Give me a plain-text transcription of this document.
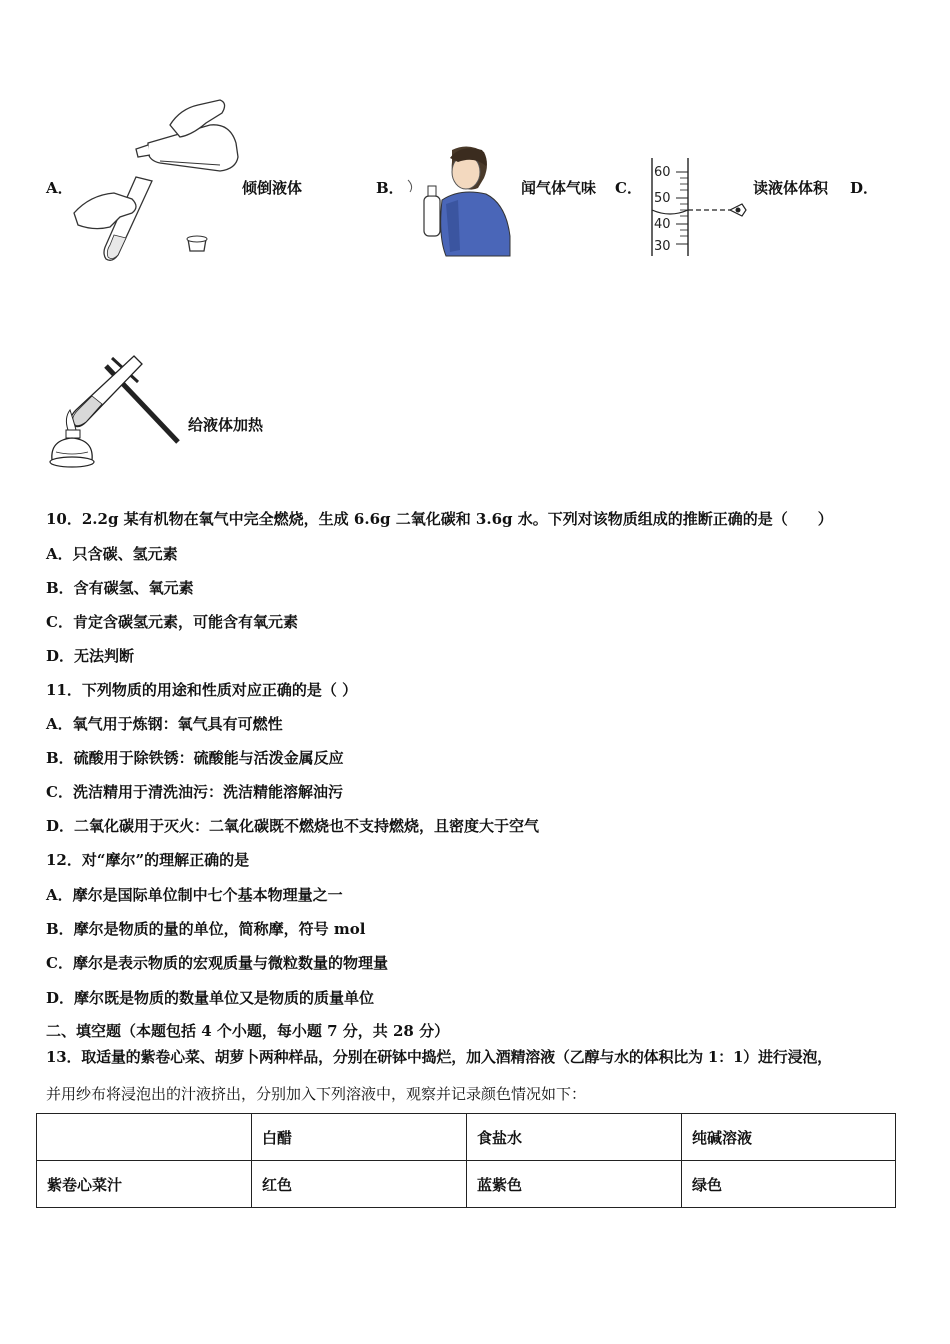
A．	倾倒液体	B．	闻气体气味 C．
60
50
40
30
读液体体积 D．
给液体加热
10．2.2g 某有机物在氧气中完全燃烧，生成 6.6g 二氧化碳和 3.6g 水。下列对该物质组成的推断正确的是（　　）
A．只含碳、氢元素
B．含有碳氢、氧元素
C．肯定含碳氢元素，可能含有氧元素
D．无法判断
11．下列物质的用途和性质对应正确的是（ ）
A．氧气用于炼钢：氧气具有可燃性
B．硫酸用于除铁锈：硫酸能与活泼金属反应
C．洗洁精用于清洗油污：洗洁精能溶解油污
D．二氧化碳用于灭火：二氧化碳既不燃烧也不支持燃烧，且密度大于空气
12．对“摩尔”的理解正确的是
A．摩尔是国际单位制中七个基本物理量之一
B．摩尔是物质的量的单位，简称摩，符号 mol
C．摩尔是表示物质的宏观质量与微粒数量的物理量
D．摩尔既是物质的数量单位又是物质的质量单位
二、填空题（本题包括 4 个小题，每小题 7 分，共 28 分）
13．取适量的紫卷心菜、胡萝卜两种样品，分别在研钵中捣烂，加入酒精溶液（乙醇与水的体积比为 1：1）进行浸泡，
并用纱布将浸泡出的汁液挤出，分别加入下列溶液中，观察并记录颜色情况如下：
	白醋	食盐水	纯碱溶液
紫卷心菜汁	红色	蓝紫色	绿色
